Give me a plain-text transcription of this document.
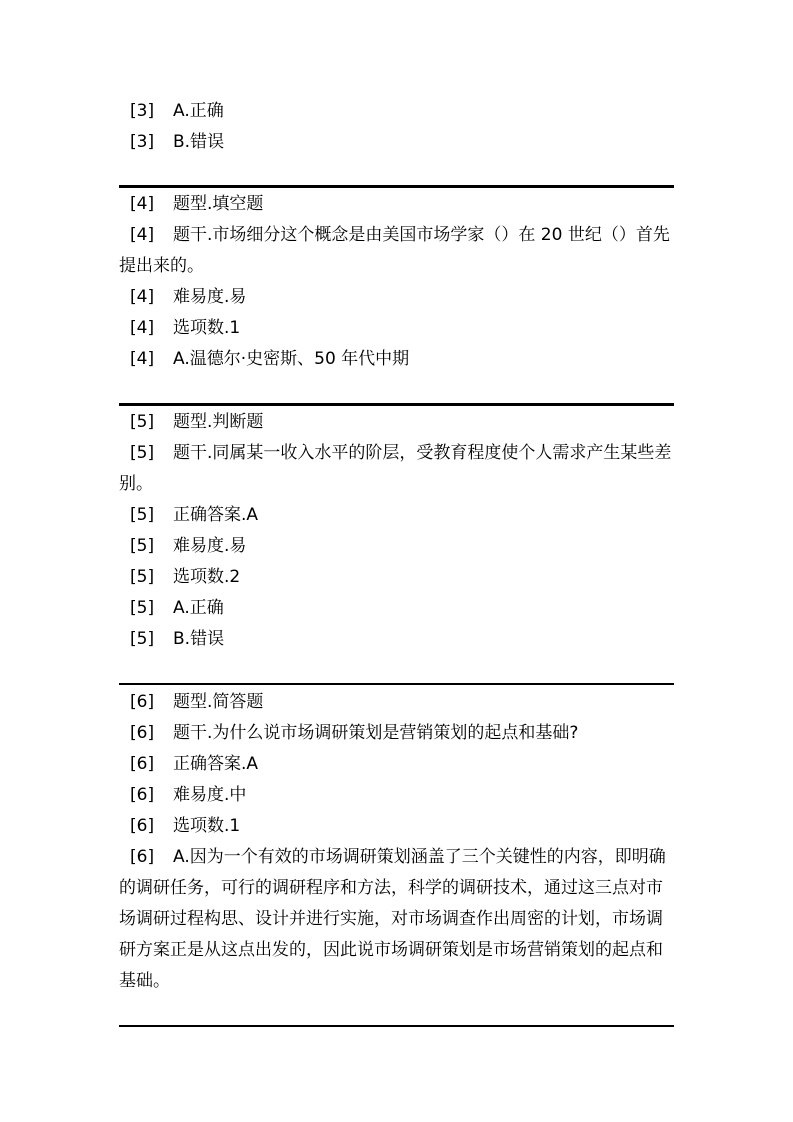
[3] A.正确
[3] B.错误
[4] 题型.填空题
[4] 题干.市场细分这个概念是由美国市场学家（）在 20 世纪（）首先提出来的。
[4] 难易度.易
[4] 选项数.1
[4] A.温德尔·史密斯、50 年代中期
[5] 题型.判断题
[5] 题干.同属某一收入水平的阶层，受教育程度使个人需求产生某些差别。
[5] 正确答案.A
[5] 难易度.易
[5] 选项数.2
[5] A.正确
[5] B.错误
[6] 题型.简答题
[6] 题干.为什么说市场调研策划是营销策划的起点和基础?
[6] 正确答案.A
[6] 难易度.中
[6] 选项数.1
[6] A.因为一个有效的市场调研策划涵盖了三个关键性的内容，即明确的调研任务，可行的调研程序和方法，科学的调研技术，通过这三点对市场调研过程构思、设计并进行实施，对市场调查作出周密的计划，市场调研方案正是从这点出发的，因此说市场调研策划是市场营销策划的起点和基础。
